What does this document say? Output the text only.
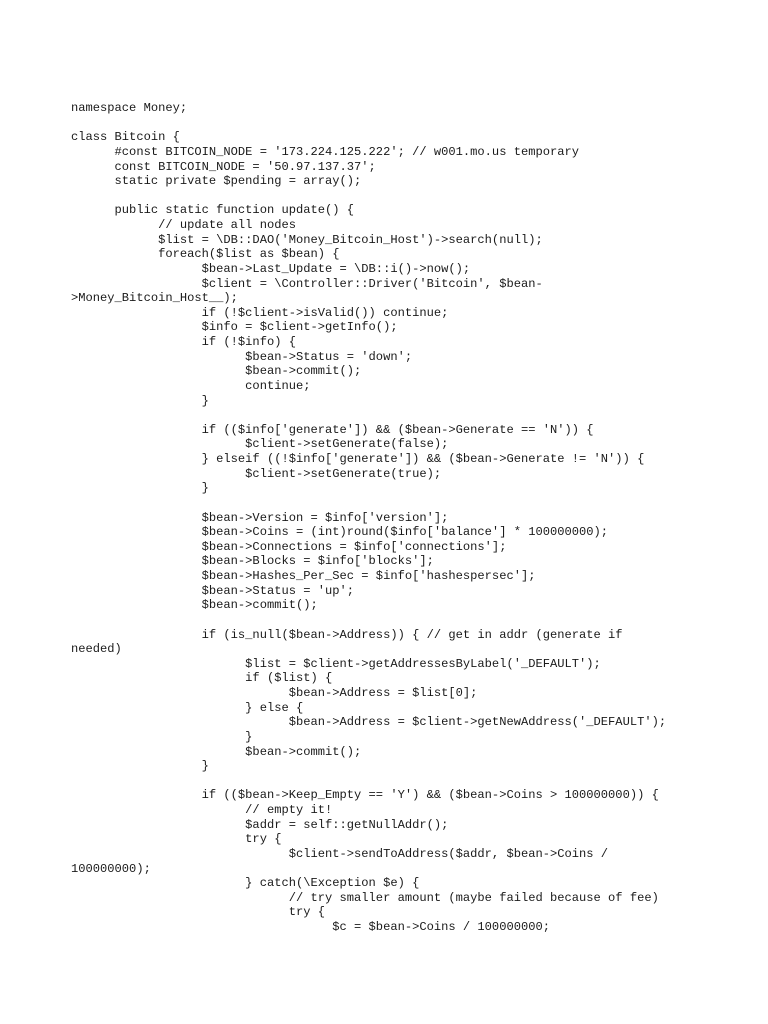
namespace Money;
class Bitcoin {
#const BITCOIN_NODE = '173.224.125.222'; // w001.mo.us temporary
const BITCOIN_NODE = '50.97.137.37';
static private $pending = array();
public static function update() {
// update all nodes
$list = \DB::DAO('Money_Bitcoin_Host')->search(null);
foreach($list as $bean) {
$bean->Last_Update = \DB::i()->now();
$client = \Controller::Driver('Bitcoin', $bean-
>Money_Bitcoin_Host__);
if (!$client->isValid()) continue;
$info = $client->getInfo();
if (!$info) {
$bean->Status = 'down';
$bean->commit();
continue;
}
if (($info['generate']) && ($bean->Generate == 'N')) {
$client->setGenerate(false);
} elseif ((!$info['generate']) && ($bean->Generate != 'N')) {
$client->setGenerate(true);
}
$bean->Version = $info['version'];
$bean->Coins = (int)round($info['balance'] * 100000000);
$bean->Connections = $info['connections'];
$bean->Blocks = $info['blocks'];
$bean->Hashes_Per_Sec = $info['hashespersec'];
$bean->Status = 'up';
$bean->commit();
if (is_null($bean->Address)) { // get in addr (generate if
needed)
$list = $client->getAddressesByLabel('_DEFAULT');
if ($list) {
$bean->Address = $list[0];
} else {
$bean->Address = $client->getNewAddress('_DEFAULT');
}
$bean->commit();
}
if (($bean->Keep_Empty == 'Y') && ($bean->Coins > 100000000)) {
// empty it!
$addr = self::getNullAddr();
try {
$client->sendToAddress($addr, $bean->Coins /
100000000);
} catch(\Exception $e) {
// try smaller amount (maybe failed because of fee)
try {
$c = $bean->Coins / 100000000;
